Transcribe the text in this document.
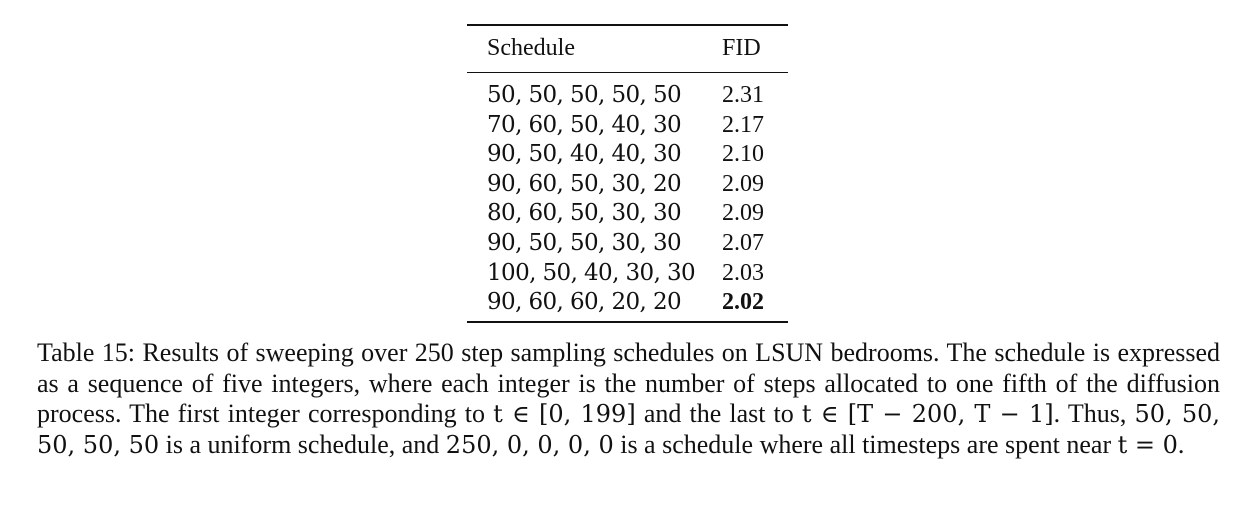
Schedule	FID
50, 50, 50, 50, 50	2.31
70, 60, 50, 40, 30	2.17
90, 50, 40, 40, 30	2.10
90, 60, 50, 30, 20	2.09
80, 60, 50, 30, 30	2.09
90, 50, 50, 30, 30	2.07
100, 50, 40, 30, 30	2.03
90, 60, 60, 20, 20	2.02
Table 15: Results of sweeping over 250 step sampling schedules on LSUN bedrooms. The schedule is expressed as a sequence of five integers, where each integer is the number of steps allocated to one fifth of the diffusion process. The first integer corresponding to t ∈ [0, 199] and the last to t ∈ [T − 200, T − 1]. Thus, 50, 50, 50, 50, 50 is a uniform schedule, and 250, 0, 0, 0, 0 is a schedule where all timesteps are spent near t = 0.
